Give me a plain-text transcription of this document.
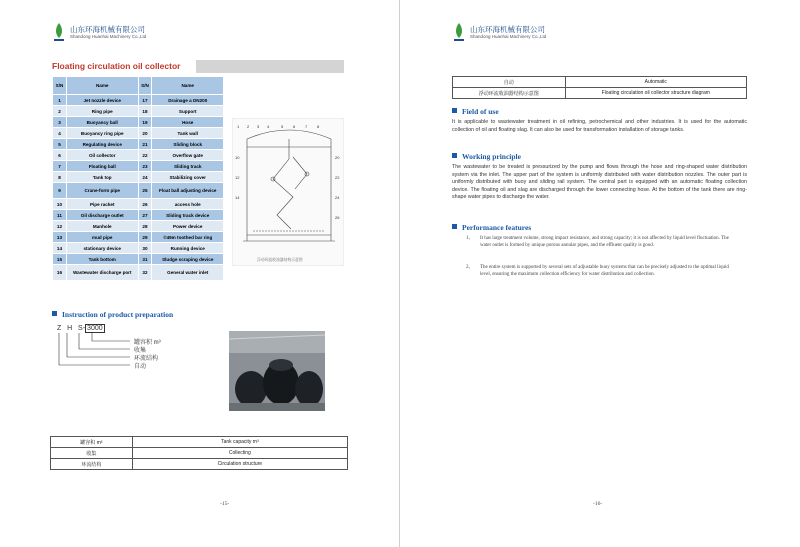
山东环海机械有限公司
Shandong Huanhai Machinery Co.,Ltd
Floating circulation oil collector
S/N	Name	S/N	Name
1	Jet nozzle device	17	Drainage a DN200
2	Ring pipe	18	Support
3	Buoyancy ball	19	Hose
4	Buoyancy ring pipe	20	Tank wall
5	Regulating device	21	Sliding block
6	Oil collector	22	Overflow gate
7	Floating ball	23	Sliding track
8	Tank top	24	Stabilizing cover
9	Crane-form pipe	25	Float ball adjusting device
10	Pipe racket	26	access hole
11	Oil discharge outlet	27	Sliding track device
12	Manhole	28	Power device
13	mud pipe	29	©49m toothed bar ring
14	stationary device	30	Running device
15	Tank bottom	31	Sludge scraping device
16	Wastewater discharge port	32	General water inlet
1 2 3 4	5 6 7 8
10
12
14
20
22
24
26
浮动环流收油器结构示意图
Instruction of product preparation
Z H S- 3000
罐容积 m³
收集
环流结构
自动
罐容积 m³	Tank capacity m³
收集	Collecting
环流结构	Circulation structure
-15-
山东环海机械有限公司
Shandong Huanhai Machinery Co.,Ltd
自动	Automatic
浮动环流收油器结构示意图	Floating circulation oil collector structure diagram
Field of use
It is applicable to wastewater treatment in oil refining, petrochemical and other industries. It is used for the automatic collection of oil and floating slag. It can also be used for transformation installation of storage tanks.
Working principle
The wastewater to be treated is pressurized by the pump and flows through the hose and ring-shaped water distribution system via the inlet. The upper part of the system is uniformly distributed with water distribution nozzles. The outer part is uniformly distributed with buoy and sliding rail system. The central part is equipped with an automatic floating collection device. The floating oil and slag are discharged through the lower connecting hose. At the bottom of the tank there are ring-shape water pipes to discharge the water.
Performance features
1、 It has large treatment volume, strong impact resistance, and strong capacity; it is not affected by liquid level fluctuation. The water outlet is formed by unique porous annular pipes, and the effluent quality is good.
2、 The entire system is supported by several sets of adjustable buoy systems that can be precisely adjusted to the optimal liquid level, ensuring the maximum collection efficiency for water distribution and collection.
-16-
